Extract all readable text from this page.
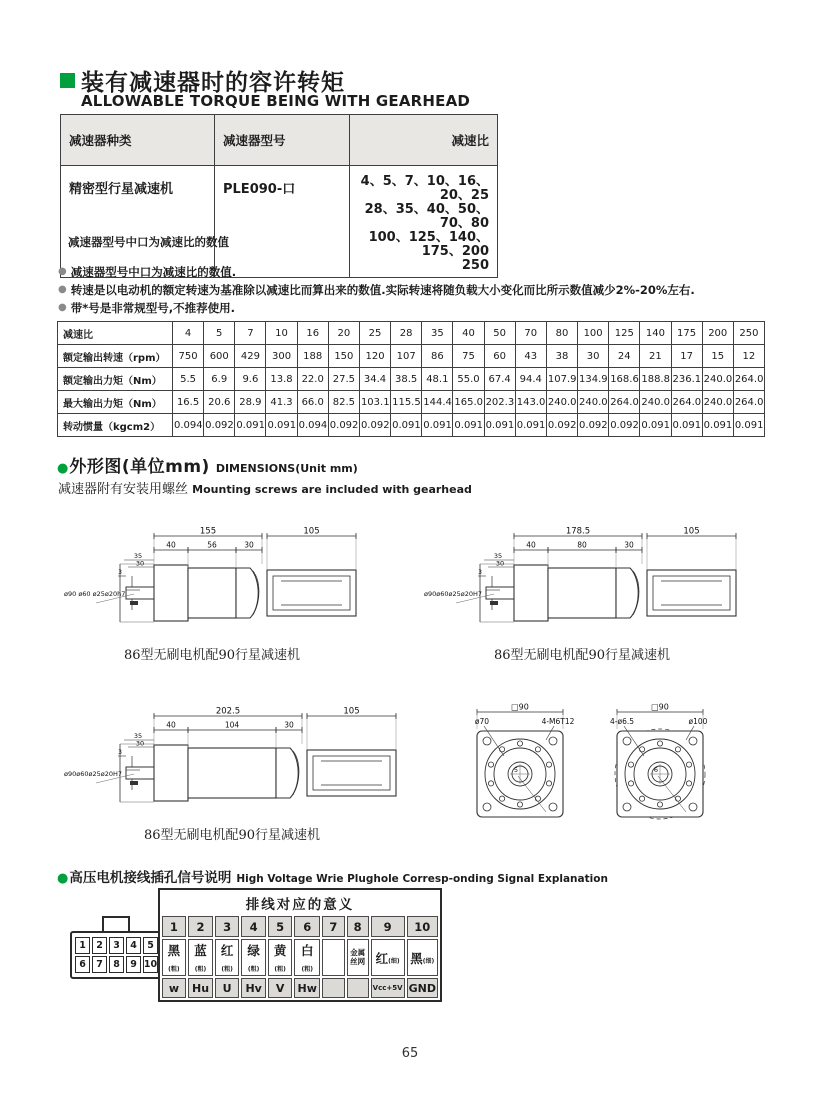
装有减速器时的容许转矩
ALLOWABLE TORQUE BEING WITH GEARHEAD
减速器种类	减速器型号	减速比
精密型行星减速机	PLE090-口	4、5、7、10、16、20、25
28、35、40、50、70、80
100、125、140、175、200
250
减速器型号中口为减速比的数值
● 减速器型号中口为减速比的数值.
● 转速是以电动机的额定转速为基准除以减速比而算出来的数值.实际转速将随负载大小变化而比所示数值减少2%-20%左右.
● 带*号是非常规型号,不推荐使用.
减速比	4	5	7	10	16	20	25	28	35	40	50	70	80	100	125	140	175	200	250
额定输出转速（rpm）	750	600	429	300	188	150	120	107	86	75	60	43	38	30	24	21	17	15	12
额定输出力矩（Nm）	5.5	6.9	9.6	13.8	22.0	27.5	34.4	38.5	48.1	55.0	67.4	94.4	107.9	134.9	168.6	188.8	236.1	240.0	264.0
最大输出力矩（Nm）	16.5	20.6	28.9	41.3	66.0	82.5	103.1	115.5	144.4	165.0	202.3	143.0	240.0	240.0	264.0	240.0	264.0	240.0	264.0
转动惯量（kgcm2）	0.094	0.092	0.091	0.091	0.094	0.092	0.092	0.091	0.091	0.091	0.091	0.091	0.092	0.092	0.092	0.091	0.091	0.091	0.091
● 外形图(单位mm) DIMENSIONS(Unit mm)
减速器附有安装用螺丝 Mounting screws are included with gearhead
ø90 ø60 ø25ø20h7
155	105
40	56	30
35
30
3
86型无刷电机配90行星减速机
ø90ø60ø25ø20H7
178.5	105
40	80	30
35
30
3
86型无刷电机配90行星减速机
ø90ø60ø25ø20H7
202.5	105
40	104	30
35
30
3
86型无刷电机配90行星减速机
□90
ø70	4-M6T12
5
□90
4-ø6.5	ø100
6
● 高压电机接线插孔信号说明 High Voltage Wrie Plughole Corresp-onding Signal Explanation
1	2	3	4	5
6	7	8	9 10
排线对应的意义									
1	2	3	4	5	6	7	8	9	10
黑(粗)	蓝(粗)	红(粗)	绿(粗)	黄(粗)	白(粗)		金属丝网	红(细)	黑(细)
w	Hu	U	Hv	V	Hw			Vcc+5V	GND
65
